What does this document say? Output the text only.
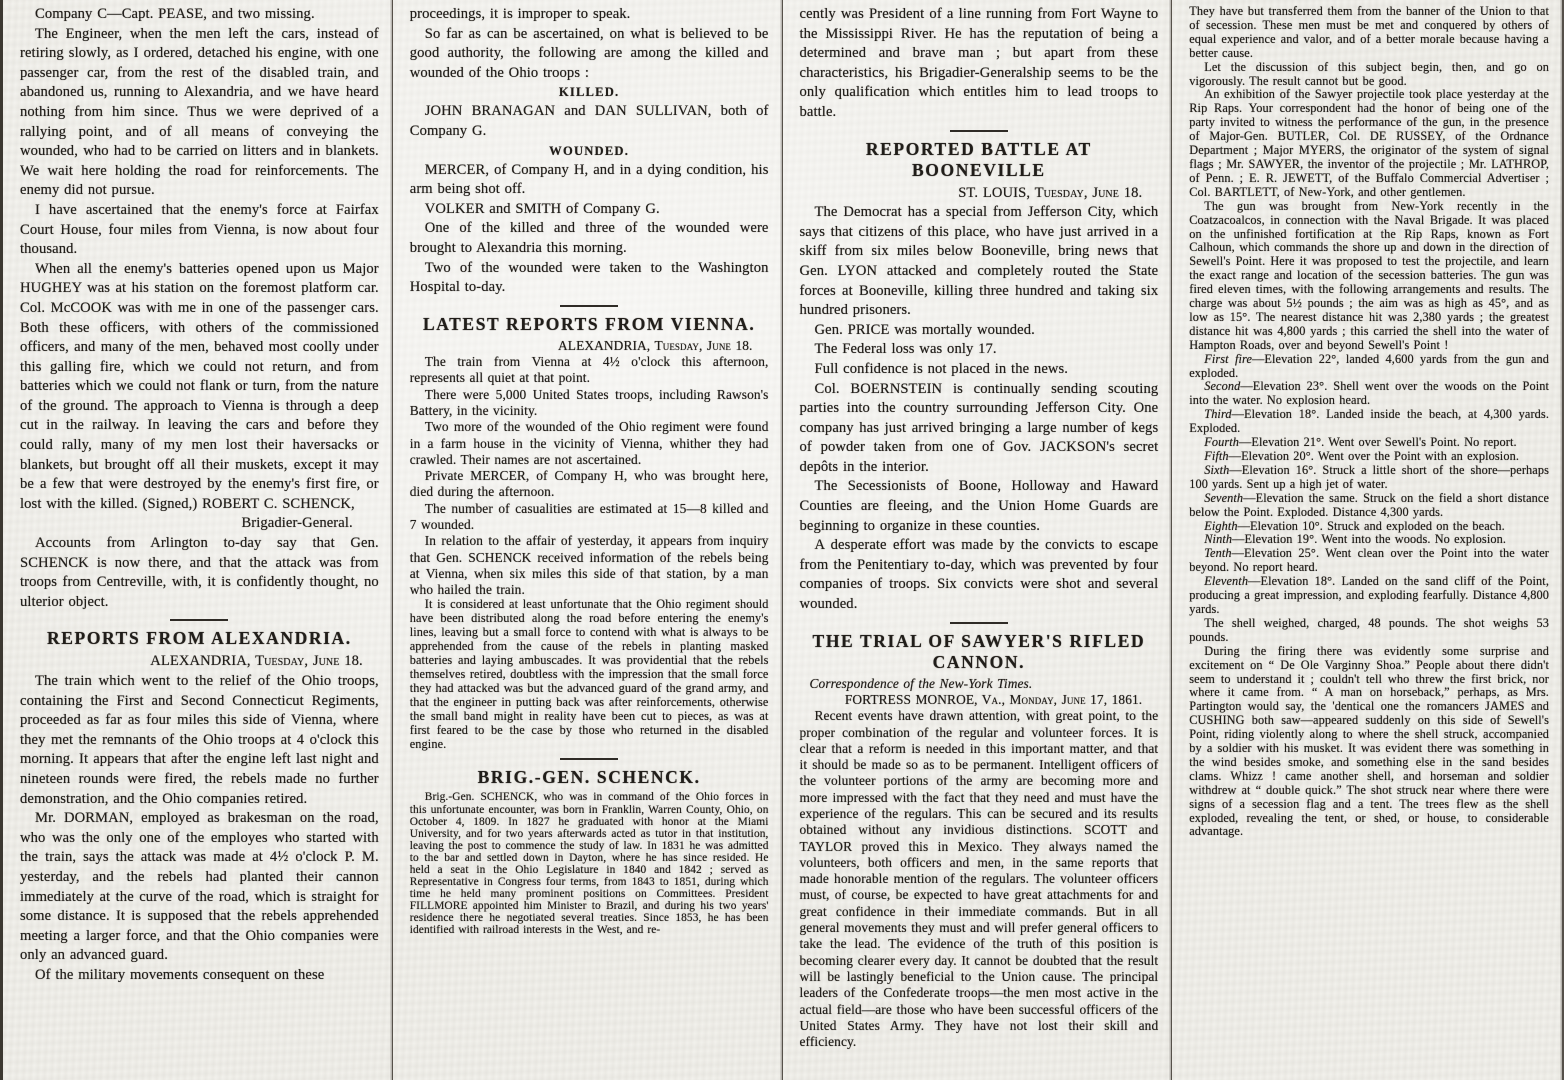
Company C—Capt. PEASE, and two missing.

The Engineer, when the men left the cars, instead of retiring slowly, as I ordered, detached his engine, with one passenger car, from the rest of the disabled train, and abandoned us, running to Alexandria, and we have heard nothing from him since. Thus we were deprived of a rallying point, and of all means of conveying the wounded, who had to be carried on litters and in blankets. We wait here holding the road for reinforcements. The enemy did not pursue.

I have ascertained that the enemy's force at Fairfax Court House, four miles from Vienna, is now about four thousand.

When all the enemy's batteries opened upon us Major HUGHEY was at his station on the foremost platform car. Col. McCOOK was with me in one of the passenger cars. Both these officers, with others of the commissioned officers, and many of the men, behaved most coolly under this galling fire, which we could not return, and from batteries which we could not flank or turn, from the nature of the ground. The approach to Vienna is through a deep cut in the railway. In leaving the cars and before they could rally, many of my men lost their haversacks or blankets, but brought off all their muskets, except it may be a few that were destroyed by the enemy's first fire, or lost with the killed. (Signed,) ROBERT C. SCHENCK,

Brigadier-General.

Accounts from Arlington to-day say that Gen. SCHENCK is now there, and that the attack was from troops from Centreville, with, it is confidently thought, no ulterior object.

REPORTS FROM ALEXANDRIA.
ALEXANDRIA, Tuesday, June 18.

The train which went to the relief of the Ohio troops, containing the First and Second Connecticut Regiments, proceeded as far as four miles this side of Vienna, where they met the remnants of the Ohio troops at 4 o'clock this morning. It appears that after the engine left last night and nineteen rounds were fired, the rebels made no further demonstration, and the Ohio companies retired.

Mr. DORMAN, employed as brakesman on the road, who was the only one of the employes who started with the train, says the attack was made at 4½ o'clock P. M. yesterday, and the rebels had planted their cannon immediately at the curve of the road, which is straight for some distance. It is supposed that the rebels apprehended meeting a larger force, and that the Ohio companies were only an advanced guard.

Of the military movements consequent on these

proceedings, it is improper to speak.

So far as can be ascertained, on what is believed to be good authority, the following are among the killed and wounded of the Ohio troops :

KILLED.

JOHN BRANAGAN and DAN SULLIVAN, both of Company G.

WOUNDED.

MERCER, of Company H, and in a dying condition, his arm being shot off.

VOLKER and SMITH of Company G.

One of the killed and three of the wounded were brought to Alexandria this morning.

Two of the wounded were taken to the Washington Hospital to-day.

LATEST REPORTS FROM VIENNA.
ALEXANDRIA, Tuesday, June 18.

The train from Vienna at 4½ o'clock this afternoon, represents all quiet at that point.

There were 5,000 United States troops, including Rawson's Battery, in the vicinity.

Two more of the wounded of the Ohio regiment were found in a farm house in the vicinity of Vienna, whither they had crawled. Their names are not ascertained.

Private MERCER, of Company H, who was brought here, died during the afternoon.

The number of casualities are estimated at 15—8 killed and 7 wounded.

In relation to the affair of yesterday, it appears from inquiry that Gen. SCHENCK received information of the rebels being at Vienna, when six miles this side of that station, by a man who hailed the train.

It is considered at least unfortunate that the Ohio regiment should have been distributed along the road before entering the enemy's lines, leaving but a small force to contend with what is always to be apprehended from the cause of the rebels in planting masked batteries and laying ambuscades. It was providential that the rebels themselves retired, doubtless with the impression that the small force they had attacked was but the advanced guard of the grand army, and that the engineer in putting back was after reinforcements, otherwise the small band might in reality have been cut to pieces, as was at first feared to be the case by those who returned in the disabled engine.

BRIG.-GEN. SCHENCK.

Brig.-Gen. SCHENCK, who was in command of the Ohio forces in this unfortunate encounter, was born in Franklin, Warren County, Ohio, on October 4, 1809. In 1827 he graduated with honor at the Miami University, and for two years afterwards acted as tutor in that institution, leaving the post to commence the study of law. In 1831 he was admitted to the bar and settled down in Dayton, where he has since resided. He held a seat in the Ohio Legislature in 1840 and 1842 ; served as Representative in Congress four terms, from 1843 to 1851, during which time he held many prominent positions on Committees. President FILLMORE appointed him Minister to Brazil, and during his two years' residence there he negotiated several treaties. Since 1853, he has been identified with railroad interests in the West, and re-

cently was President of a line running from Fort Wayne to the Mississippi River. He has the reputation of being a determined and brave man ; but apart from these characteristics, his Brigadier-Generalship seems to be the only qualification which entitles him to lead troops to battle.

REPORTED BATTLE AT BOONEVILLE
ST. LOUIS, Tuesday, June 18.

The Democrat has a special from Jefferson City, which says that citizens of this place, who have just arrived in a skiff from six miles below Booneville, bring news that Gen. LYON attacked and completely routed the State forces at Booneville, killing three hundred and taking six hundred prisoners.

Gen. PRICE was mortally wounded.

The Federal loss was only 17.

Full confidence is not placed in the news.

Col. BOERNSTEIN is continually sending scouting parties into the country surrounding Jefferson City. One company has just arrived bringing a large number of kegs of powder taken from one of Gov. JACKSON's secret depôts in the interior.

The Secessionists of Boone, Holloway and Haward Counties are fleeing, and the Union Home Guards are beginning to organize in these counties.

A desperate effort was made by the convicts to escape from the Penitentiary to-day, which was prevented by four companies of troops. Six convicts were shot and several wounded.

THE TRIAL OF SAWYER'S RIFLED CANNON.
Correspondence of the New-York Times.
FORTRESS MONROE, Va., Monday, June 17, 1861.

Recent events have drawn attention, with great point, to the proper combination of the regular and volunteer forces. It is clear that a reform is needed in this important matter, and that it should be made so as to be permanent. Intelligent officers of the volunteer portions of the army are becoming more and more impressed with the fact that they need and must have the experience of the regulars. This can be secured and its results obtained without any invidious distinctions. SCOTT and TAYLOR proved this in Mexico. They always named the volunteers, both officers and men, in the same reports that made honorable mention of the regulars. The volunteer officers must, of course, be expected to have great attachments for and great confidence in their immediate commands. But in all general movements they must and will prefer general officers to take the lead. The evidence of the truth of this position is becoming clearer every day. It cannot be doubted that the result will be lastingly beneficial to the Union cause. The principal leaders of the Confederate troops—the men most active in the actual field—are those who have been successful officers of the United States Army. They have not lost their skill and efficiency.

They have but transferred them from the banner of the Union to that of secession. These men must be met and conquered by others of equal experience and valor, and of a better morale because having a better cause.

Let the discussion of this subject begin, then, and go on vigorously. The result cannot but be good.

An exhibition of the Sawyer projectile took place yesterday at the Rip Raps. Your correspondent had the honor of being one of the party invited to witness the performance of the gun, in the presence of Major-Gen. BUTLER, Col. DE RUSSEY, of the Ordnance Department ; Major MYERS, the originator of the system of signal flags ; Mr. SAWYER, the inventor of the projectile ; Mr. LATHROP, of Penn. ; E. R. JEWETT, of the Buffalo Commercial Advertiser ; Col. BARTLETT, of New-York, and other gentlemen.

The gun was brought from New-York recently in the Coatzacoalcos, in connection with the Naval Brigade. It was placed on the unfinished fortification at the Rip Raps, known as Fort Calhoun, which commands the shore up and down in the direction of Sewell's Point. Here it was proposed to test the projectile, and learn the exact range and location of the secession batteries. The gun was fired eleven times, with the following arrangements and results. The charge was about 5½ pounds ; the aim was as high as 45°, and as low as 15°. The nearest distance hit was 2,380 yards ; the greatest distance hit was 4,800 yards ; this carried the shell into the water of Hampton Roads, over and beyond Sewell's Point !

First fire—Elevation 22°, landed 4,600 yards from the gun and exploded.

Second—Elevation 23°. Shell went over the woods on the Point into the water. No explosion heard.

Third—Elevation 18°. Landed inside the beach, at 4,300 yards. Exploded.

Fourth—Elevation 21°. Went over Sewell's Point. No report.

Fifth—Elevation 20°. Went over the Point with an explosion.

Sixth—Elevation 16°. Struck a little short of the shore—perhaps 100 yards. Sent up a high jet of water.

Seventh—Elevation the same. Struck on the field a short distance below the Point. Exploded. Distance 4,300 yards.

Eighth—Elevation 10°. Struck and exploded on the beach.

Ninth—Elevation 19°. Went into the woods. No explosion.

Tenth—Elevation 25°. Went clean over the Point into the water beyond. No report heard.

Eleventh—Elevation 18°. Landed on the sand cliff of the Point, producing a great impression, and exploding fearfully. Distance 4,800 yards.

The shell weighed, charged, 48 pounds. The shot weighs 53 pounds.

During the firing there was evidently some surprise and excitement on “ De Ole Varginny Shoa.” People about there didn't seem to understand it ; couldn't tell who threw the first brick, nor where it came from. “ A man on horseback,” perhaps, as Mrs. Partington would say, the 'dentical one the romancers JAMES and CUSHING both saw—appeared suddenly on this side of Sewell's Point, riding violently along to where the shell struck, accompanied by a soldier with his musket. It was evident there was something in the wind besides smoke, and something else in the sand besides clams. Whizz ! came another shell, and horseman and soldier withdrew at “ double quick.” The shot struck near where there were signs of a secession flag and a tent. The trees flew as the shell exploded, revealing the tent, or shed, or house, to considerable advantage.
